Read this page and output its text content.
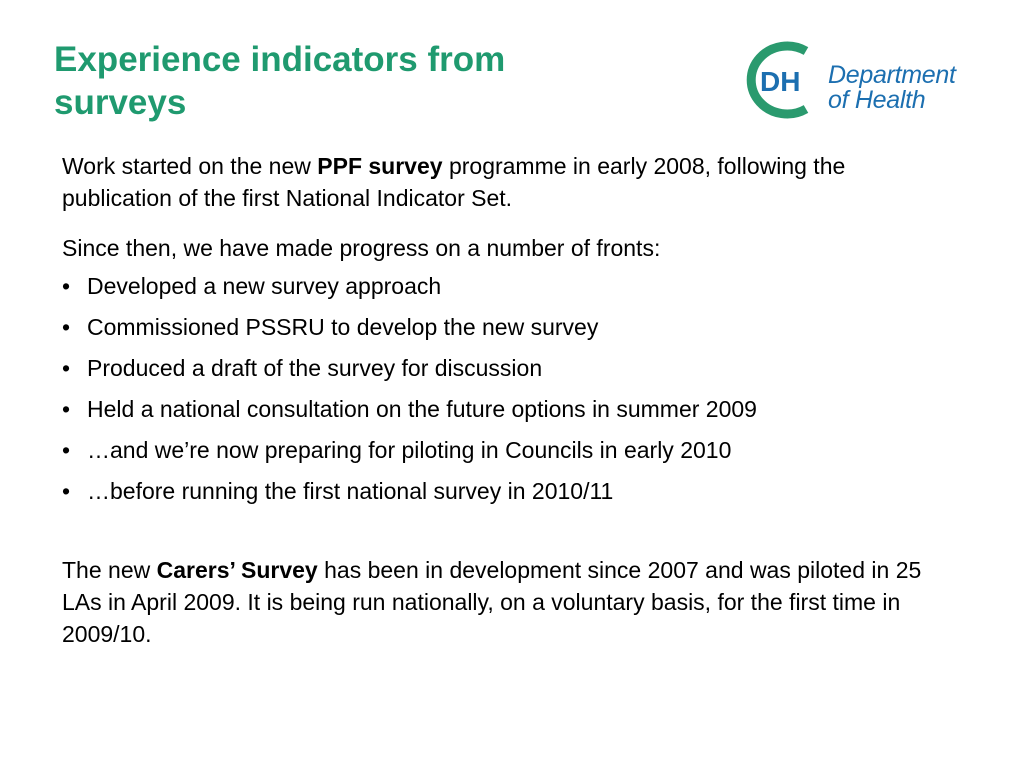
Experience indicators from
surveys
DH Department
of Health

Work started on the new PPF survey programme in early 2008, following the publication of the first National Indicator Set.

Since then, we have made progress on a number of fronts:

• Developed a new survey approach
• Commissioned PSSRU to develop the new survey
• Produced a draft of the survey for discussion
• Held a national consultation on the future options in summer 2009
• …and we’re now preparing for piloting in Councils in early 2010
• …before running the first national survey in 2010/11

The new Carers’ Survey has been in development since 2007 and was piloted in 25 LAs in April 2009. It is being run nationally, on a voluntary basis, for the first time in 2009/10.
